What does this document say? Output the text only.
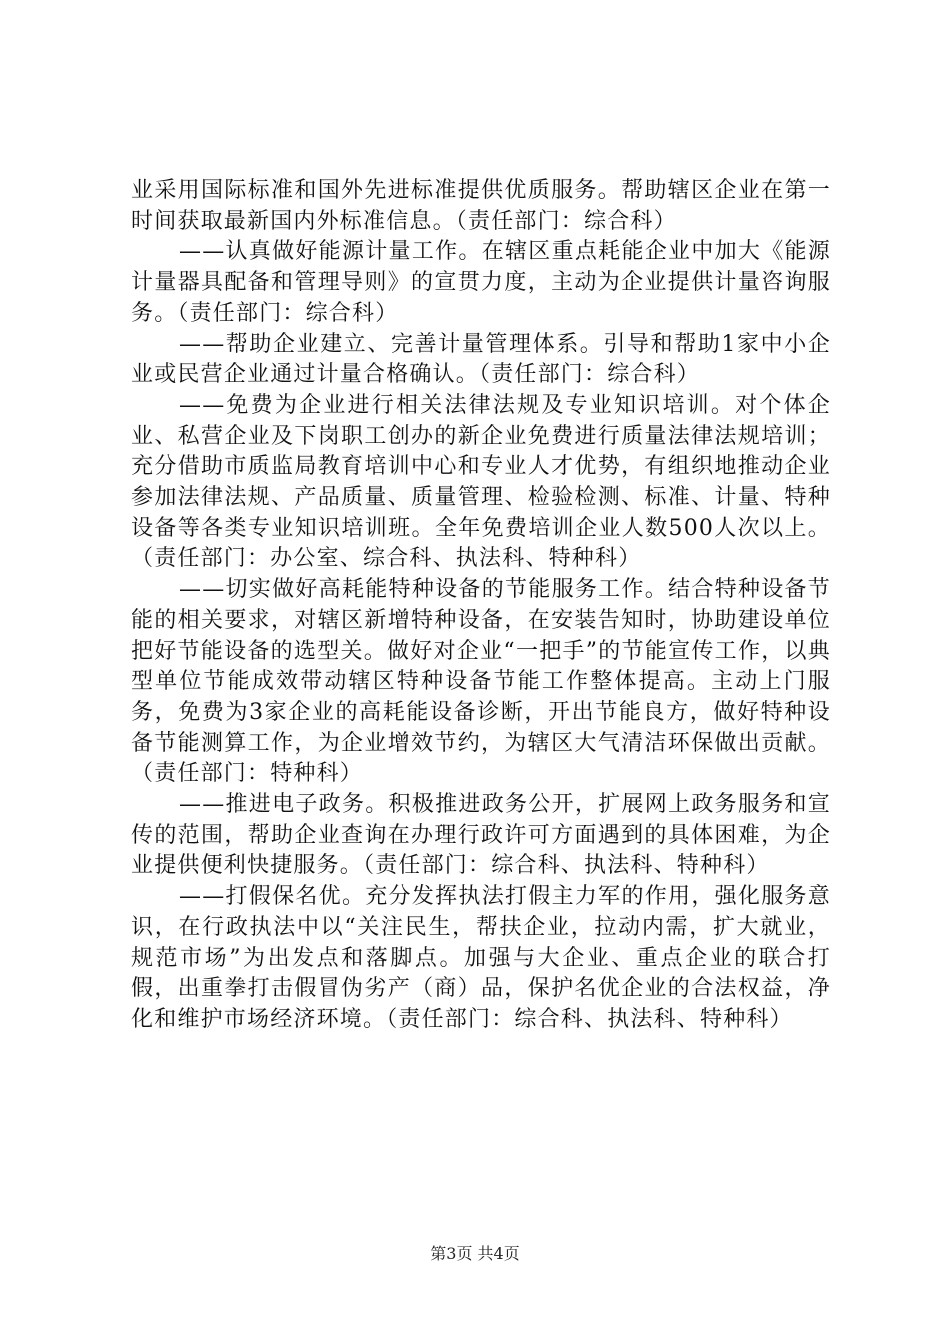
业采用国际标准和国外先进标准提供优质服务。帮助辖区企业在第一时间获取最新国内外标准信息。（责任部门：综合科）

——认真做好能源计量工作。在辖区重点耗能企业中加大《能源计量器具配备和管理导则》的宣贯力度，主动为企业提供计量咨询服务。（责任部门：综合科）

——帮助企业建立、完善计量管理体系。引导和帮助1家中小企业或民营企业通过计量合格确认。（责任部门：综合科）

——免费为企业进行相关法律法规及专业知识培训。对个体企业、私营企业及下岗职工创办的新企业免费进行质量法律法规培训；充分借助市质监局教育培训中心和专业人才优势，有组织地推动企业参加法律法规、产品质量、质量管理、检验检测、标准、计量、特种设备等各类专业知识培训班。全年免费培训企业人数500人次以上。（责任部门：办公室、综合科、执法科、特种科）

——切实做好高耗能特种设备的节能服务工作。结合特种设备节能的相关要求，对辖区新增特种设备，在安装告知时，协助建设单位把好节能设备的选型关。做好对企业“一把手”的节能宣传工作，以典型单位节能成效带动辖区特种设备节能工作整体提高。主动上门服务，免费为3家企业的高耗能设备诊断，开出节能良方，做好特种设备节能测算工作，为企业增效节约，为辖区大气清洁环保做出贡献。（责任部门：特种科）

——推进电子政务。积极推进政务公开，扩展网上政务服务和宣传的范围，帮助企业查询在办理行政许可方面遇到的具体困难，为企业提供便利快捷服务。（责任部门：综合科、执法科、特种科）

——打假保名优。充分发挥执法打假主力军的作用，强化服务意识，在行政执法中以“关注民生，帮扶企业，拉动内需，扩大就业，规范市场”为出发点和落脚点。加强与大企业、重点企业的联合打假，出重拳打击假冒伪劣产（商）品，保护名优企业的合法权益，净化和维护市场经济环境。（责任部门：综合科、执法科、特种科）

第3页 共4页
